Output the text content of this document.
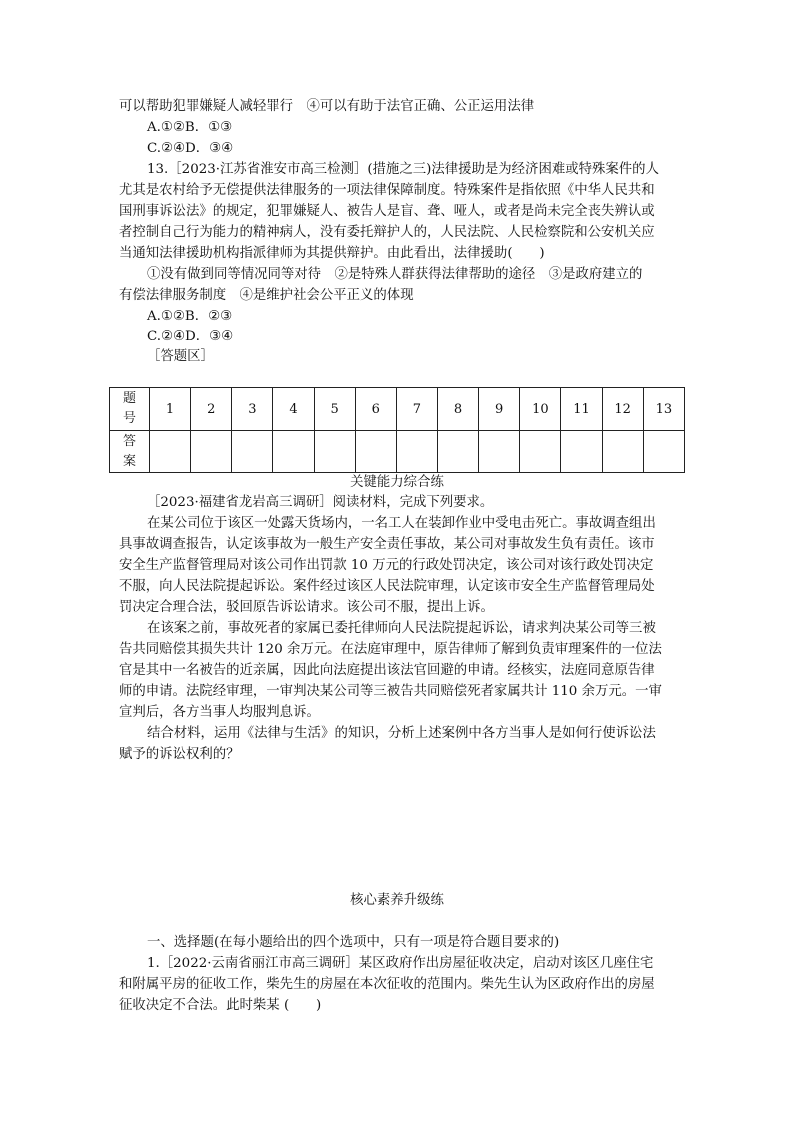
可以帮助犯罪嫌疑人减轻罪行　④可以有助于法官正确、公正运用法律
A.①②B．①③
C.②④D．③④
13.［2023·江苏省淮安市高三检测］(措施之三)法律援助是为经济困难或特殊案件的人
尤其是农村给予无偿提供法律服务的一项法律保障制度。特殊案件是指依照《中华人民共和
国刑事诉讼法》的规定，犯罪嫌疑人、被告人是盲、聋、哑人，或者是尚未完全丧失辨认或
者控制自己行为能力的精神病人，没有委托辩护人的，人民法院、人民检察院和公安机关应
当通知法律援助机构指派律师为其提供辩护。由此看出，法律援助(　　)
①没有做到同等情况同等对待　②是特殊人群获得法律帮助的途径　③是政府建立的
有偿法律服务制度　④是维护社会公平正义的体现
A.①②B．②③
C.②④D．③④
［答题区］
题
号	1	2	3	4	5	6	7	8	9	10	11	12	13
答
案													
关键能力综合练
［2023·福建省龙岩高三调研］阅读材料，完成下列要求。
在某公司位于该区一处露天货场内，一名工人在装卸作业中受电击死亡。事故调查组出
具事故调查报告，认定该事故为一般生产安全责任事故，某公司对事故发生负有责任。该市
安全生产监督管理局对该公司作出罚款 10 万元的行政处罚决定，该公司对该行政处罚决定
不服，向人民法院提起诉讼。案件经过该区人民法院审理，认定该市安全生产监督管理局处
罚决定合理合法，驳回原告诉讼请求。该公司不服，提出上诉。
在该案之前，事故死者的家属已委托律师向人民法院提起诉讼，请求判决某公司等三被
告共同赔偿其损失共计 120 余万元。在法庭审理中，原告律师了解到负责审理案件的一位法
官是其中一名被告的近亲属，因此向法庭提出该法官回避的申请。经核实，法庭同意原告律
师的申请。法院经审理，一审判决某公司等三被告共同赔偿死者家属共计 110 余万元。一审
宣判后，各方当事人均服判息诉。
结合材料，运用《法律与生活》的知识，分析上述案例中各方当事人是如何行使诉讼法
赋予的诉讼权利的？
核心素养升级练
一、选择题(在每小题给出的四个选项中，只有一项是符合题目要求的)
1.［2022·云南省丽江市高三调研］某区政府作出房屋征收决定，启动对该区几座住宅
和附属平房的征收工作，柴先生的房屋在本次征收的范围内。柴先生认为区政府作出的房屋
征收决定不合法。此时柴某 (　　)
